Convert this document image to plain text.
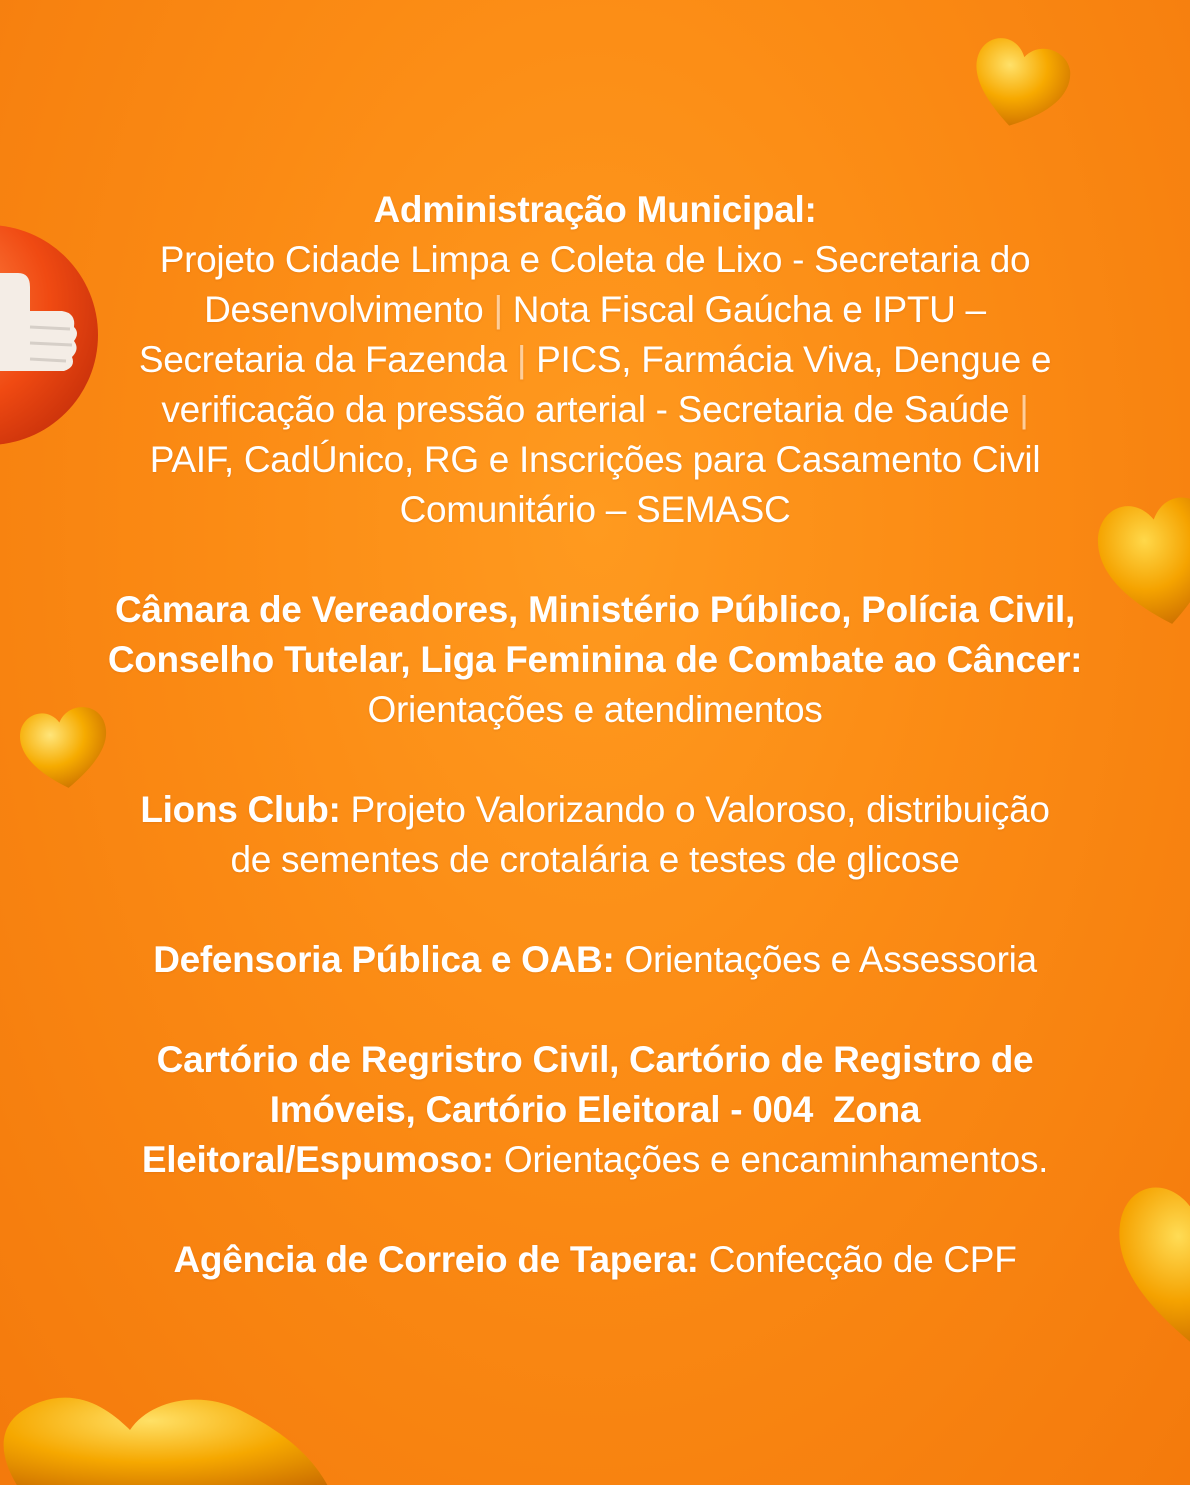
Administração Municipal:
Projeto Cidade Limpa e Coleta de Lixo - Secretaria do
Desenvolvimento | Nota Fiscal Gaúcha e IPTU –
Secretaria da Fazenda | PICS, Farmácia Viva, Dengue e
verificação da pressão arterial - Secretaria de Saúde |
PAIF, CadÚnico, RG e Inscrições para Casamento Civil
Comunitário – SEMASC
Câmara de Vereadores, Ministério Público, Polícia Civil,
Conselho Tutelar, Liga Feminina de Combate ao Câncer:
Orientações e atendimentos
Lions Club: Projeto Valorizando o Valoroso, distribuição
de sementes de crotalária e testes de glicose
Defensoria Pública e OAB: Orientações e Assessoria
Cartório de Regristro Civil, Cartório de Registro de
Imóveis, Cartório Eleitoral - 004  Zona
Eleitoral/Espumoso: Orientações e encaminhamentos.
Agência de Correio de Tapera: Confecção de CPF
